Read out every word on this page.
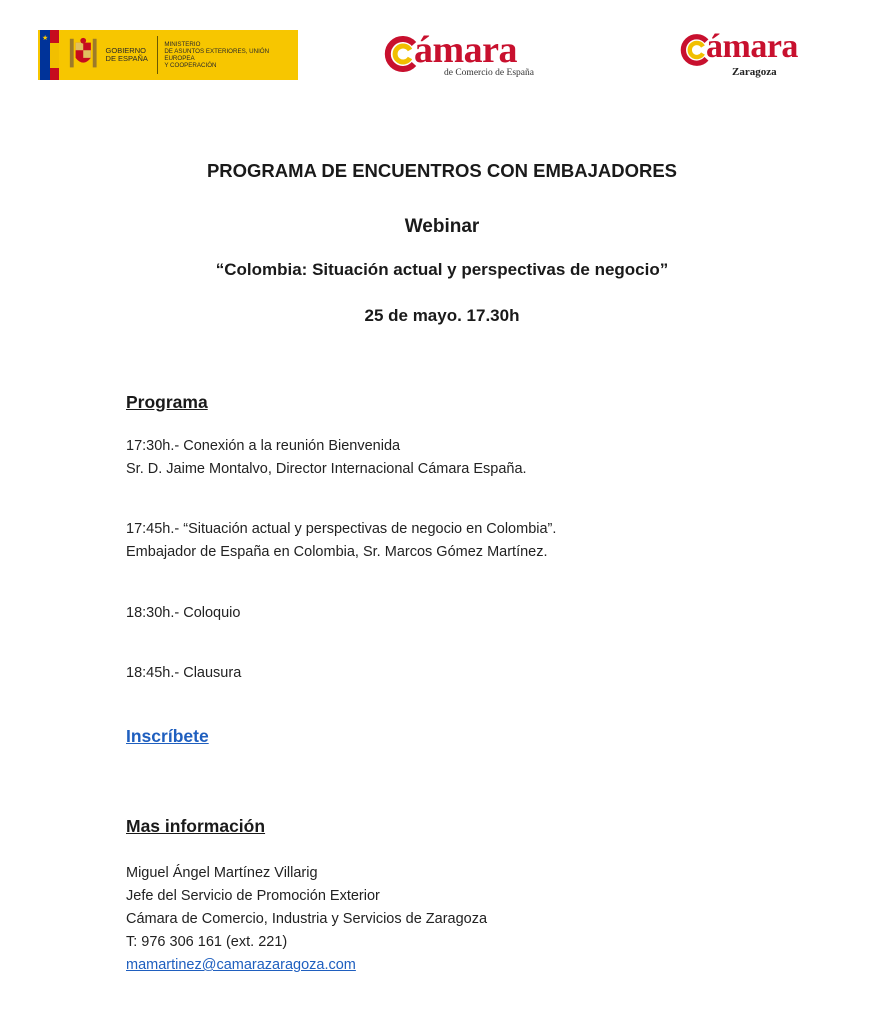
★
GOBIERNO
DE ESPAÑA
MINISTERIO
DE ASUNTOS EXTERIORES, UNIÓN EUROPEA
Y COOPERACIÓN	ámara
de Comercio de España
ámara
Zaragoza
PROGRAMA DE ENCUENTROS CON EMBAJADORES
Webinar
“Colombia: Situación actual y perspectivas de negocio”
25 de mayo. 17.30h
Programa
17:30h.- Conexión a la reunión Bienvenida
Sr. D. Jaime Montalvo, Director Internacional Cámara España.
17:45h.- “Situación actual y perspectivas de negocio en Colombia”.
Embajador de España en Colombia, Sr. Marcos Gómez Martínez.
18:30h.- Coloquio
18:45h.- Clausura
Inscríbete
Mas información
Miguel Ángel Martínez Villarig
Jefe del Servicio de Promoción Exterior
Cámara de Comercio, Industria y Servicios de Zaragoza
T: 976 306 161 (ext. 221)
mamartinez@camarazaragoza.com
